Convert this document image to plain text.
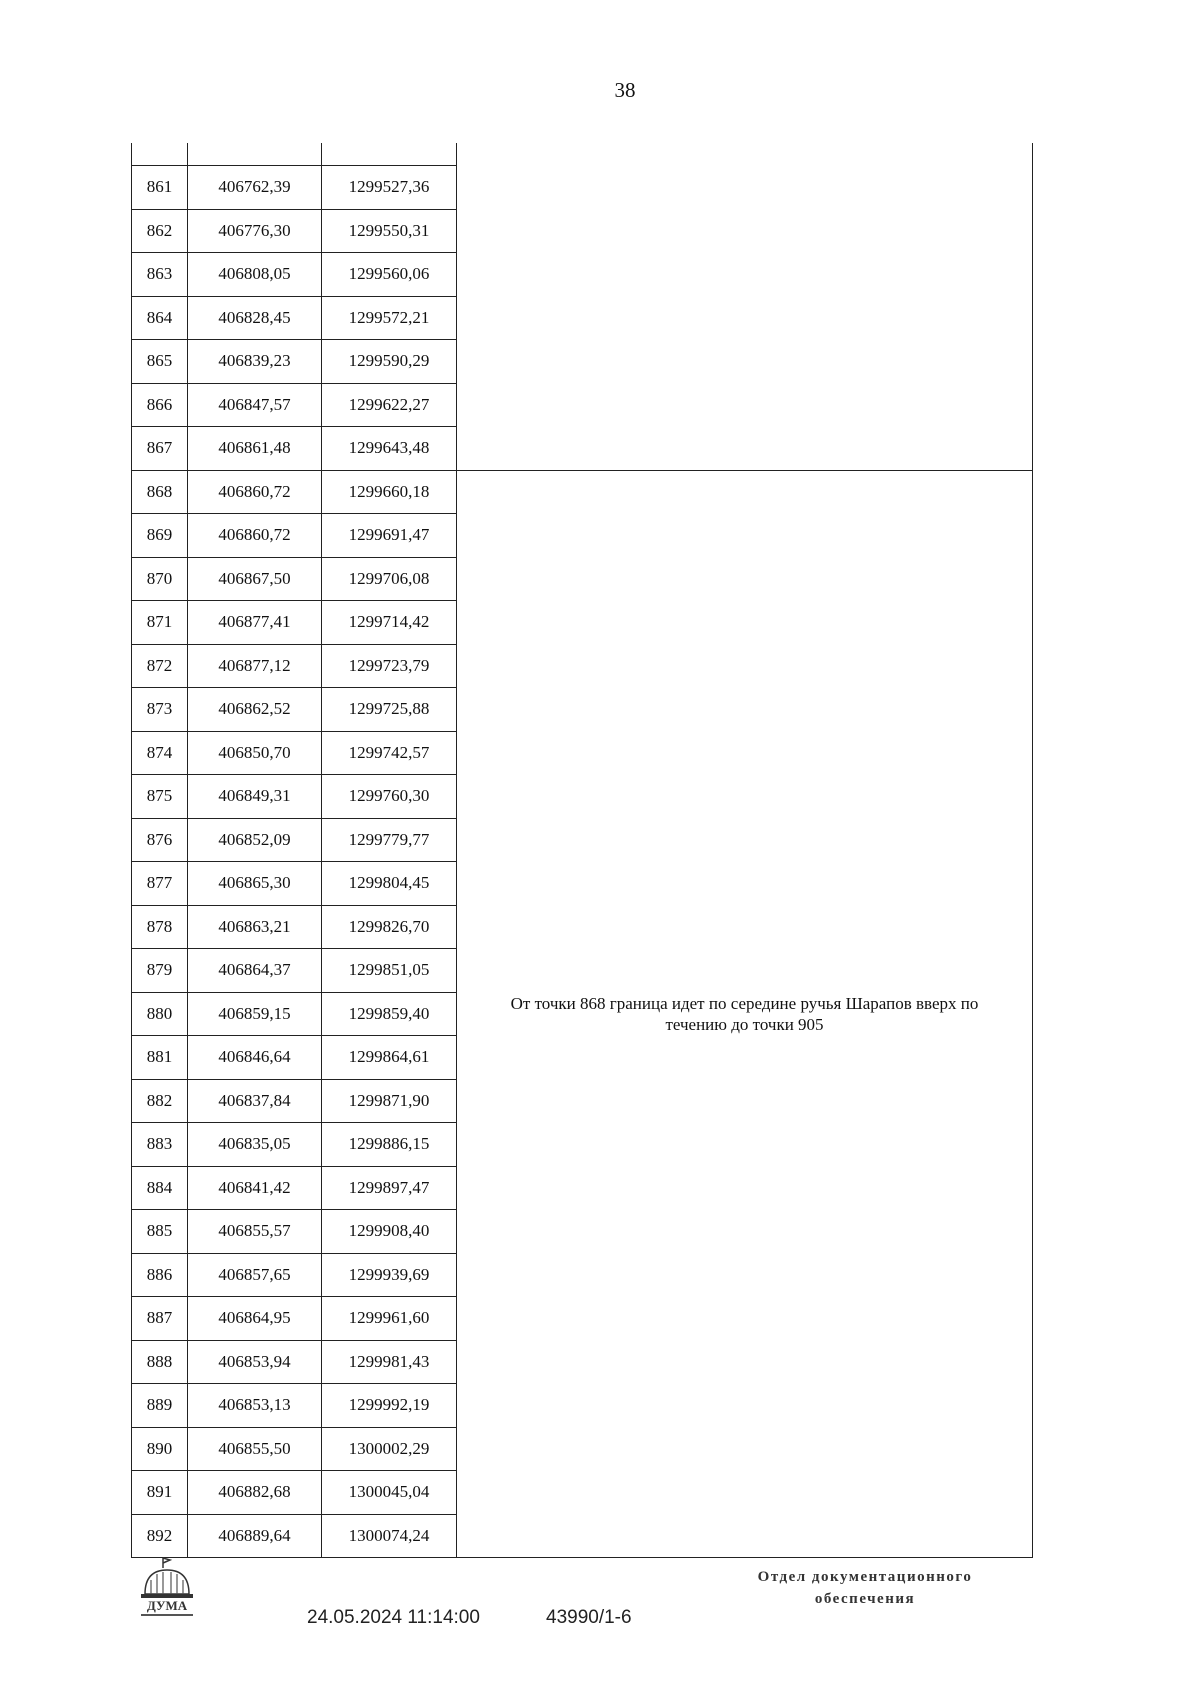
38

861	406762,39	1299527,36	
862	406776,30	1299550,31	
863	406808,05	1299560,06	
864	406828,45	1299572,21	
865	406839,23	1299590,29	
866	406847,57	1299622,27	
867	406861,48	1299643,48	
868	406860,72	1299660,18	От точки 868 граница идет по середине ручья Шарапов вверх по течению до точки 905

869	406860,72	1299691,47	
870	406867,50	1299706,08	
871	406877,41	1299714,42	
872	406877,12	1299723,79	
873	406862,52	1299725,88	
874	406850,70	1299742,57	
875	406849,31	1299760,30	
876	406852,09	1299779,77	
877	406865,30	1299804,45	
878	406863,21	1299826,70	
879	406864,37	1299851,05	
880	406859,15	1299859,40	
881	406846,64	1299864,61	
882	406837,84	1299871,90	
883	406835,05	1299886,15	
884	406841,42	1299897,47	
885	406855,57	1299908,40	
886	406857,65	1299939,69	
887	406864,95	1299961,60	
888	406853,94	1299981,43	
889	406853,13	1299992,19	
890	406855,50	1300002,29	
891	406882,68	1300045,04	
892	406889,64	1300074,24	
ДУМА
24.05.2024 11:14:00	43990/1-6
Отдел документационного
обеспечения
